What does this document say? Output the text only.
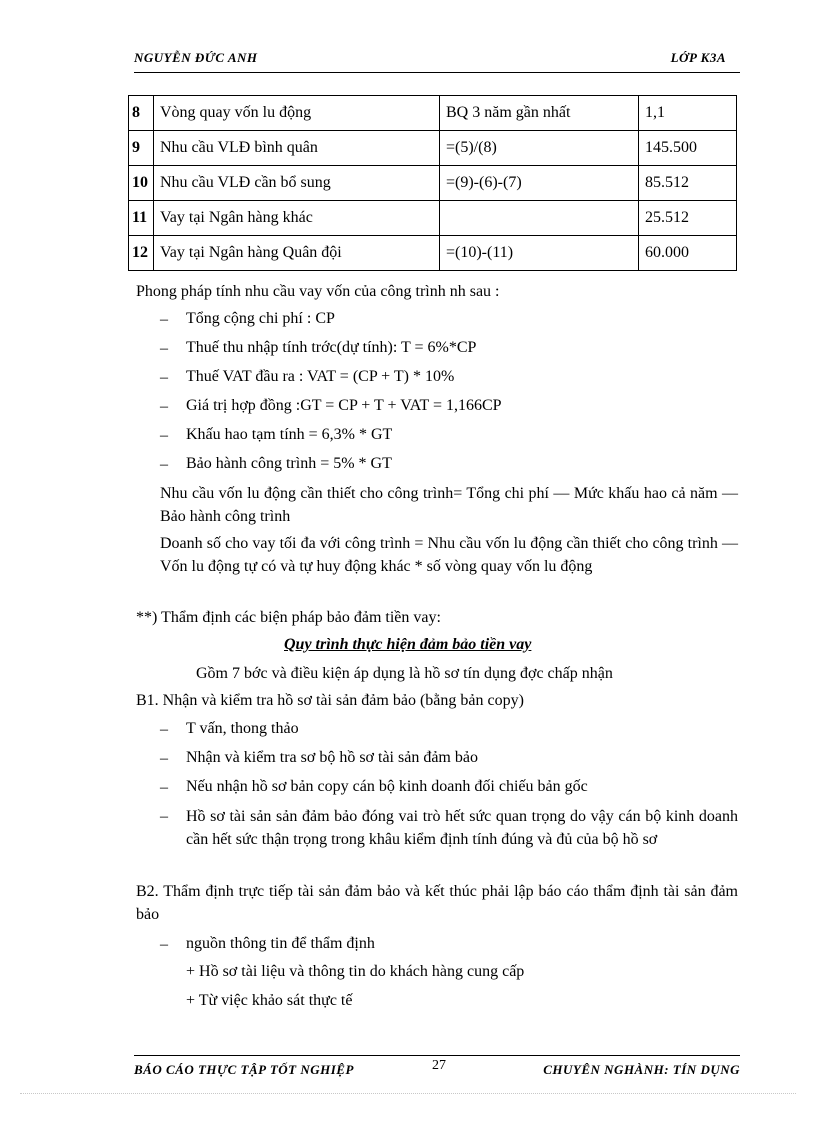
NGUYỄN ĐỨC ANH	LỚP K3A
8	Vòng quay vốn lu động	BQ 3 năm gần nhất	1,1
9	Nhu cầu VLĐ bình quân	=(5)/(8)	145.500
10	Nhu cầu VLĐ cần bổ sung	=(9)-(6)-(7)	85.512
11	Vay tại Ngân hàng khác		25.512
12	Vay tại Ngân hàng Quân đội	=(10)-(11)	60.000
Phong pháp tính nhu cầu vay vốn của công trình nh sau :
– Tổng cộng chi phí : CP
– Thuế thu nhập tính trớc(dự tính): T = 6%*CP
– Thuế VAT đầu ra : VAT = (CP + T) * 10%
– Giá trị hợp đồng :GT = CP + T + VAT = 1,166CP
– Khấu hao tạm tính = 6,3% * GT
– Bảo hành công trình = 5% * GT
Nhu cầu vốn lu động cần thiết cho công trình= Tổng chi phí — Mức khấu hao cả năm — Bảo hành công trình
Doanh số cho vay tối đa với công trình = Nhu cầu vốn lu động cần thiết cho công trình — Vốn lu động tự có và tự huy động khác * số vòng quay vốn lu động
**) Thẩm định các biện pháp bảo đảm tiền vay:
Quy trình thực hiện đảm bảo tiền vay
Gồm 7 bớc và điều kiện áp dụng là hồ sơ tín dụng đợc chấp nhận
B1. Nhận và kiểm tra hồ sơ tài sản đảm bảo (bằng bản copy)
– T vấn, thong thảo
– Nhận và kiểm tra sơ bộ hồ sơ tài sản đảm bảo
– Nếu nhận hồ sơ bản copy cán bộ kinh doanh đối chiếu bản gốc
– Hồ sơ tài sản sản đảm bảo đóng vai trò hết sức quan trọng do vậy cán bộ kinh doanh cần hết sức thận trọng trong khâu kiểm định tính đúng và đủ của bộ hồ sơ
B2. Thẩm định trực tiếp tài sản đảm bảo và kết thúc phải lập báo cáo thẩm định tài sản đảm bảo
– nguồn thông tin để thẩm định
+ Hồ sơ tài liệu và thông tin do khách hàng cung cấp
+ Từ việc khảo sát thực tế
BÁO CÁO THỰC TẬP TỐT NGHIỆP	27	CHUYÊN NGHÀNH: TÍN DỤNG
